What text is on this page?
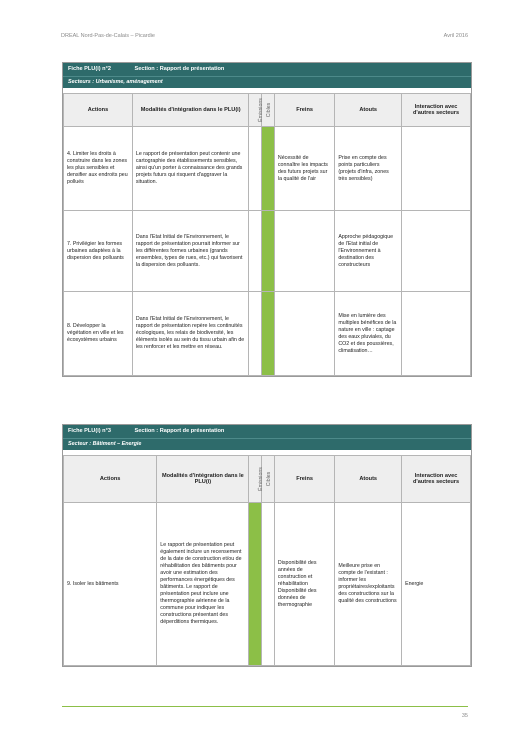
DREAL Nord-Pas-de-Calais – Picardie	Avril 2016
Fiche PLU(i) n°2	Section : Rapport de présentation
Secteurs : Urbanisme, aménagement
Actions	Modalités d'intégration dans le PLU(i)	Émissions	Cibles	Freins	Atouts	Interaction avec d'autres secteurs
4. Limiter les droits à construire dans les zones les plus sensibles et densifier aux endroits peu pollués	Le rapport de présentation peut contenir une cartographie des établissements sensibles, ainsi qu'un porter à connaissance des grands projets futurs qui risquent d'aggraver la situation.			Nécessité de connaître les impacts des futurs projets sur la qualité de l'air	Prise en compte des points particuliers (projets d'infra, zones très sensibles)	
7. Privilégier les formes urbaines adaptées à la dispersion des polluants	Dans l'Etat Initial de l'Environnement, le rapport de présentation pourrait informer sur les différentes formes urbaines (grands ensembles, types de rues, etc.) qui favorisent la dispersion des polluants.				Approche pédagogique de l'Etat initial de l'Environnement à destination des constructeurs	
8. Développer la végétation en ville et les écosystèmes urbains	Dans l'Etat Initial de l'Environnement, le rapport de présentation repère les continuités écologiques, les relais de biodiversité, les éléments isolés au sein du tissu urbain afin de les renforcer et les mettre en réseau.				Mise en lumière des multiples bénéfices de la nature en ville : captage des eaux pluviales, du CO2 et des poussières, climatisation…	
Fiche PLU(i) n°3	Section : Rapport de présentation
Secteur : Bâtiment – Energie
Actions	Modalités d'intégration dans le PLU(i)	Émissions	Cibles	Freins	Atouts	Interaction avec d'autres secteurs
9. Isoler les bâtiments	Le rapport de présentation peut également inclure un recensement de la date de construction et/ou de réhabilitation des bâtiments pour avoir une estimation des performances énergétiques des bâtiments. Le rapport de présentation peut inclure une thermographie aérienne de la commune pour indiquer les constructions présentant des déperditions thermiques.			Disponibilité des années de construction et réhabilitation Disponibilité des données de thermographie	Meilleure prise en compte de l'existant : informer les propriétaires/exploitants des constructions sur la qualité des constructions	Energie
35
